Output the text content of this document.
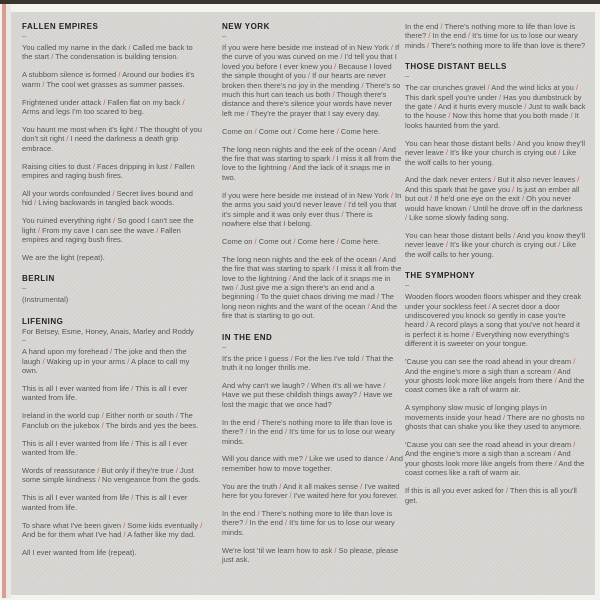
FALLEN EMPIRES
–

You called my name in the dark / Called me back to the start / The condensation is building tension.

A stubborn silence is formed / Around our bodies it's warm / The cool wet grasses as summer passes.

Frightened under attack / Fallen flat on my back / Arms and legs I'm too scared to beg.

You haunt me most when it's light / The thought of you don't sit right / I need the darkness a death grip embrace.

Raising cities to dust / Faces dripping in lust / Fallen empires and raging bush fires.

All your words confounded / Secret lives bound and hid / Living backwards in tangled back woods.

You ruined everything right / So good I can't see the light / From my cave I can see the wave / Fallen empires and raging bush fires.

We are the light (repeat).

BERLIN
–

(Instrumental)

LIFENING
For Betsey, Esme, Honey, Anais, Marley and Roddy
–

A hand upon my forehead / The joke and then the laugh / Waking up in your arms / A place to call my own.

This is all I ever wanted from life / This is all I ever wanted from life.

Ireland in the world cup / Either north or south / The Fanclub on the jukebox / The birds and yes the bees.

This is all I ever wanted from life / This is all I ever wanted from life.

Words of reassurance / But only if they're true / Just some simple kindness / No vengeance from the gods.

This is all I ever wanted from life / This is all I ever wanted from life.

To share what I've been given / Some kids eventually / And be for them what I've had / A father like my dad.

All I ever wanted from life (repeat).

NEW YORK
–

If you were here beside me instead of in New York / If the curve of you was curved on me / I'd tell you that I loved you before I ever knew you / Because I loved the simple thought of you / If our hearts are never broken then there's no joy in the mending / There's so much this hurt can teach us both / Though there's distance and there's silence your words have never left me / They're the prayer that I say every day.

Come on / Come out / Come here / Come here.

The long neon nights and the eek of the ocean / And the fire that was starting to spark / I miss it all from the love to the lightning / And the lack of it snaps me in two.

If you were here beside me instead of in New York / In the arms you said you'd never leave / I'd tell you that it's simple and it was only ever thus / There is nowhere else that I belong.

Come on / Come out / Come here / Come here.

The long neon nights and the eek of the ocean / And the fire that was starting to spark / I miss it all from the love to the lightning / And the lack of it snaps me in two / Just give me a sign there's an end and a beginning / To the quiet chaos driving me mad / The long neon nights and the want of the ocean / And the fire that is starting to go out.

IN THE END
–

It's the price I guess / For the lies I've told / That the truth it no longer thrills me.

And why can't we laugh? / When it's all we have / Have we put these childish things away? / Have we lost the magic that we once had?

In the end / There's nothing more to life than love is there? / In the end / It's time for us to lose our weary minds.

Will you dance with me? / Like we used to dance / And remember how to move together.

You are the truth / And it all makes sense / I've waited here for you forever / I've waited here for you forever.

In the end / There's nothing more to life than love is there? / In the end / It's time for us to lose our weary minds.

We're lost 'til we learn how to ask / So please, please just ask.

In the end / There's nothing more to life than love is there? / In the end / It's time for us to lose our weary minds / There's nothing more to life than love is there?

THOSE DISTANT BELLS
–

The car crunches gravel / And the wind licks at you / This dark spell you're under / Has you dumbstruck by the gate / And it hurts every muscle / Just to walk back to the house / Now this home that you both made / It looks haunted from the yard.

You can hear those distant bells / And you know they'll never leave / It's like your church is crying out / Like the wolf calls to her young.

And the dark never enters / But it also never leaves / And this spark that he gave you / Is just an ember all but out / If he'd one eye on the exit / Oh you never would have known / Until he drove off in the darkness / Like some slowly fading song.

You can hear those distant bells / And you know they'll never leave / It's like your church is crying out / Like the wolf calls to her young.

THE SYMPHONY
–

Wooden floors wooden floors whisper and they creak under your sockless feet / A secret door a door undiscovered you knock so gently in case you're heard / A record plays a song that you've not heard it is perfect it is home / Everything now everything's different it is sweeter on your tongue.

'Cause you can see the road ahead in your dream / And the engine's more a sigh than a scream / And your ghosts look more like angels from there / And the coast comes like a raft of warm air.

A symphony slow music of longing plays in movements inside your head / There are no ghosts no ghosts that can shake you like they used to anymore.

'Cause you can see the road ahead in your dream / And the engine's more a sigh than a scream / And your ghosts look more like angels from there / And the coast comes like a raft of warm air.

If this is all you ever asked for / Then this is all you'll get.
